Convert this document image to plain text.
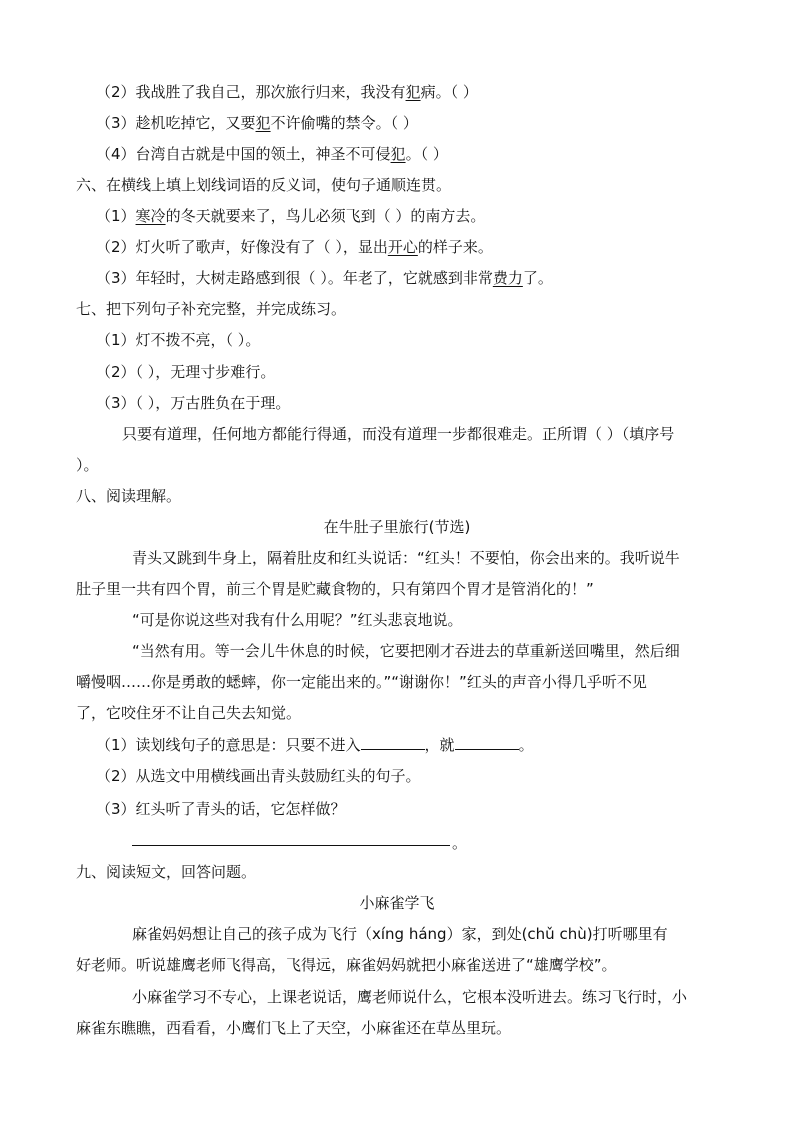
（2）我战胜了我自己，那次旅行归来，我没有犯病。（ ）
（3）趁机吃掉它，又要犯不许偷嘴的禁令。（ ）
（4）台湾自古就是中国的领土，神圣不可侵犯。（ ）
六、在横线上填上划线词语的反义词，使句子通顺连贯。
（1）寒冷的冬天就要来了，鸟儿必须飞到（ ）的南方去。
（2）灯火听了歌声，好像没有了（ ），显出开心的样子来。
（3）年轻时，大树走路感到很（ ）。年老了，它就感到非常费力了。
七、把下列句子补充完整，并完成练习。
（1）灯不拨不亮，（ ）。
（2）（ ），无理寸步难行。
（3）（ ），万古胜负在于理。
只要有道理，任何地方都能行得通，而没有道理一步都很难走。正所谓（ ）（填序号
）。
八、阅读理解。
在牛肚子里旅行(节选)
青头又跳到牛身上，隔着肚皮和红头说话：“红头！不要怕，你会出来的。我听说牛
肚子里一共有四个胃，前三个胃是贮藏食物的，只有第四个胃才是管消化的！”
“可是你说这些对我有什么用呢？”红头悲哀地说。
“当然有用。等一会儿牛休息的时候，它要把刚才吞进去的草重新送回嘴里，然后细
嚼慢咽……你是勇敢的蟋蟀，你一定能出来的。”“谢谢你！”红头的声音小得几乎听不见
了，它咬住牙不让自己失去知觉。
（1）读划线句子的意思是：只要不进入	，就	。
（2）从选文中用横线画出青头鼓励红头的句子。
（3）红头听了青头的话，它怎样做？
。
九、阅读短文，回答问题。
小麻雀学飞
麻雀妈妈想让自己的孩子成为飞行（xíng háng）家，到处(chǔ chù)打听哪里有
好老师。听说雄鹰老师飞得高，飞得远，麻雀妈妈就把小麻雀送进了“雄鹰学校”。
小麻雀学习不专心，上课老说话，鹰老师说什么，它根本没听进去。练习飞行时，小
麻雀东瞧瞧，西看看，小鹰们飞上了天空，小麻雀还在草丛里玩。
